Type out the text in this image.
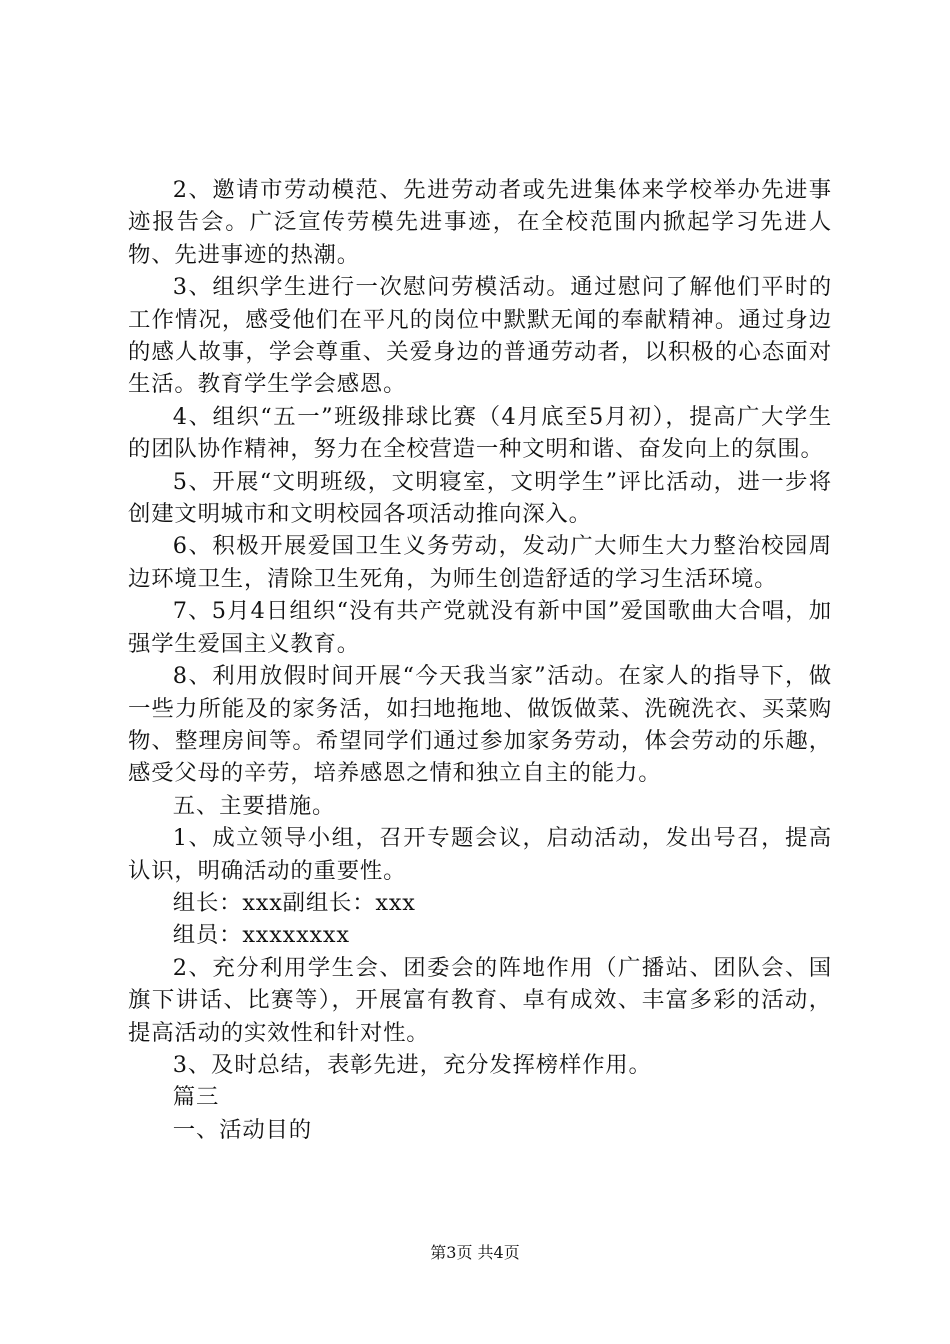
2、邀请市劳动模范、先进劳动者或先进集体来学校举办先进事迹报告会。广泛宣传劳模先进事迹，在全校范围内掀起学习先进人物、先进事迹的热潮。

3、组织学生进行一次慰问劳模活动。通过慰问了解他们平时的工作情况，感受他们在平凡的岗位中默默无闻的奉献精神。通过身边的感人故事，学会尊重、关爱身边的普通劳动者，以积极的心态面对生活。教育学生学会感恩。

4、组织“五一”班级排球比赛（4月底至5月初），提高广大学生的团队协作精神，努力在全校营造一种文明和谐、奋发向上的氛围。

5、开展“文明班级，文明寝室，文明学生”评比活动，进一步将创建文明城市和文明校园各项活动推向深入。

6、积极开展爱国卫生义务劳动，发动广大师生大力整治校园周边环境卫生，清除卫生死角，为师生创造舒适的学习生活环境。

7、5月4日组织“没有共产党就没有新中国”爱国歌曲大合唱，加强学生爱国主义教育。

8、利用放假时间开展“今天我当家”活动。在家人的指导下，做一些力所能及的家务活，如扫地拖地、做饭做菜、洗碗洗衣、买菜购物、整理房间等。希望同学们通过参加家务劳动，体会劳动的乐趣，感受父母的辛劳，培养感恩之情和独立自主的能力。

五、主要措施。

1、成立领导小组，召开专题会议，启动活动，发出号召，提高认识，明确活动的重要性。

组长：xxx副组长：xxx

组员：xxxxxxxx

2、充分利用学生会、团委会的阵地作用（广播站、团队会、国旗下讲话、比赛等），开展富有教育、卓有成效、丰富多彩的活动，提高活动的实效性和针对性。

3、及时总结，表彰先进，充分发挥榜样作用。

篇三

一、活动目的

第3页 共4页
